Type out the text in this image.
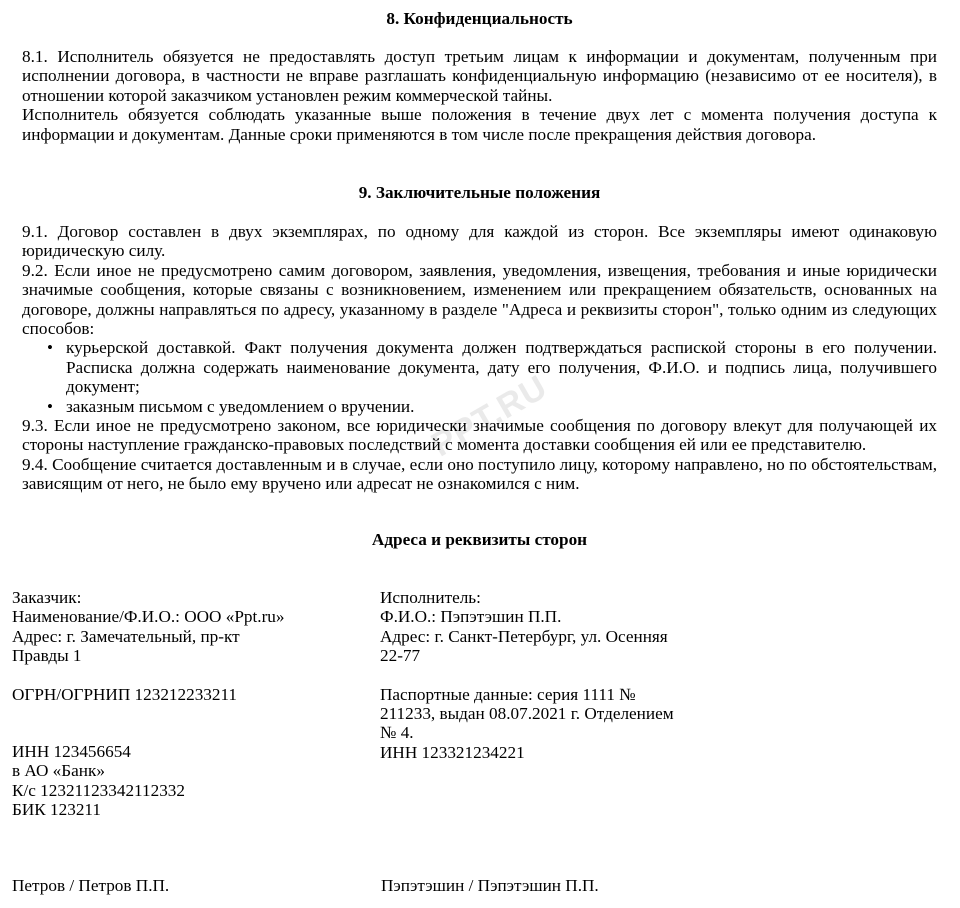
PPT.RU
8. Конфиденциальность

8.1. Исполнитель обязуется не предоставлять доступ третьим лицам к информации и документам, полученным при исполнении договора, в частности не вправе разглашать конфиденциальную информацию (независимо от ее носителя), в отношении которой заказчиком установлен режим коммерческой тайны.

Исполнитель обязуется соблюдать указанные выше положения в течение двух лет с момента получения доступа к информации и документам. Данные сроки применяются в том числе после прекращения действия договора.

9. Заключительные положения

9.1. Договор составлен в двух экземплярах, по одному для каждой из сторон. Все экземпляры имеют одинаковую юридическую силу.

9.2. Если иное не предусмотрено самим договором, заявления, уведомления, извещения, требования и иные юридически значимые сообщения, которые связаны с возникновением, изменением или прекращением обязательств, основанных на договоре, должны направляться по адресу, указанному в разделе "Адреса и реквизиты сторон", только одним из следующих способов:

• курьерской доставкой. Факт получения документа должен подтверждаться распиской стороны в его получении. Расписка должна содержать наименование документа, дату его получения, Ф.И.О. и подпись лица, получившего документ;
• заказным письмом с уведомлением о вручении.

9.3. Если иное не предусмотрено законом, все юридически значимые сообщения по договору влекут для получающей их стороны наступление гражданско-правовых последствий с момента доставки сообщения ей или ее представителю.

9.4. Сообщение считается доставленным и в случае, если оно поступило лицу, которому направлено, но по обстоятельствам, зависящим от него, не было ему вручено или адресат не ознакомился с ним.

Адреса и реквизиты сторон
Заказчик:
Наименование/Ф.И.О.: ООО «Ppt.ru»
Адрес: г. Замечательный, пр-кт
Правды 1
ОГРН/ОГРНИП 123212233211
ИНН 123456654
в АО «Банк»
К/с 12321123342112332
БИК 123211
Исполнитель:
Ф.И.О.: Пэпэтэшин П.П.
Адрес: г. Санкт-Петербург, ул. Осенняя
22-77
Паспортные данные: серия 1111 №
211233, выдан 08.07.2021 г. Отделением
№ 4.
ИНН 123321234221
Петров / Петров П.П.	Пэпэтэшин / Пэпэтэшин П.П.
